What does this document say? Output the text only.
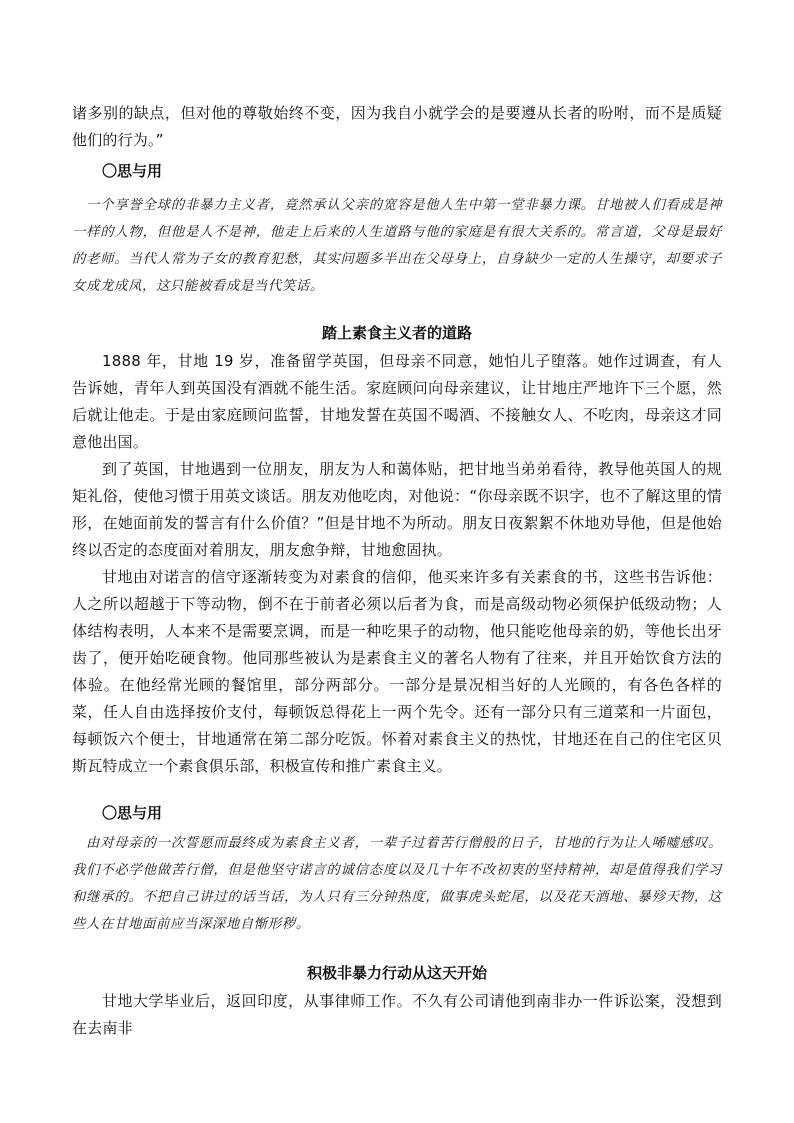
诸多别的缺点，但对他的尊敬始终不变，因为我自小就学会的是要遵从长者的吩咐，而不是质疑他们的行为。”

〇思与用

一个享誉全球的非暴力主义者，竟然承认父亲的宽容是他人生中第一堂非暴力课。甘地被人们看成是神一样的人物，但他是人不是神，他走上后来的人生道路与他的家庭是有很大关系的。常言道，父母是最好的老师。当代人常为子女的教育犯愁，其实问题多半出在父母身上，自身缺少一定的人生操守，却要求子女成龙成凤，这只能被看成是当代笑话。

踏上素食主义者的道路

1888 年，甘地 19 岁，准备留学英国，但母亲不同意，她怕儿子堕落。她作过调查，有人告诉她，青年人到英国没有酒就不能生活。家庭顾问向母亲建议，让甘地庄严地许下三个愿，然后就让他走。于是由家庭顾问监誓，甘地发誓在英国不喝酒、不接触女人、不吃肉，母亲这才同意他出国。

到了英国，甘地遇到一位朋友，朋友为人和蔼体贴，把甘地当弟弟看待，教导他英国人的规矩礼俗，使他习惯于用英文谈话。朋友劝他吃肉，对他说：“你母亲既不识字，也不了解这里的情形，在她面前发的誓言有什么价值？”但是甘地不为所动。朋友日夜絮絮不休地劝导他，但是他始终以否定的态度面对着朋友，朋友愈争辩，甘地愈固执。

甘地由对诺言的信守逐渐转变为对素食的信仰，他买来许多有关素食的书，这些书告诉他：人之所以超越于下等动物，倒不在于前者必须以后者为食，而是高级动物必须保护低级动物；人体结构表明，人本来不是需要烹调，而是一种吃果子的动物，他只能吃他母亲的奶，等他长出牙齿了，便开始吃硬食物。他同那些被认为是素食主义的著名人物有了往来，并且开始饮食方法的体验。在他经常光顾的餐馆里，部分两部分。一部分是景况相当好的人光顾的，有各色各样的菜，任人自由选择按价支付，每顿饭总得花上一两个先令。还有一部分只有三道菜和一片面包，每顿饭六个便士，甘地通常在第二部分吃饭。怀着对素食主义的热忱，甘地还在自己的住宅区贝斯瓦特成立一个素食俱乐部，积极宣传和推广素食主义。

〇思与用

由对母亲的一次誓愿而最终成为素食主义者，一辈子过着苦行僧般的日子，甘地的行为让人唏嘘感叹。我们不必学他做苦行僧，但是他坚守诺言的诚信态度以及几十年不改初衷的坚持精神，却是值得我们学习和继承的。不把自己讲过的话当话，为人只有三分钟热度，做事虎头蛇尾，以及花天酒地、暴殄天物，这些人在甘地面前应当深深地自惭形秽。

积极非暴力行动从这天开始

甘地大学毕业后，返回印度，从事律师工作。不久有公司请他到南非办一件诉讼案，没想到在去南非
